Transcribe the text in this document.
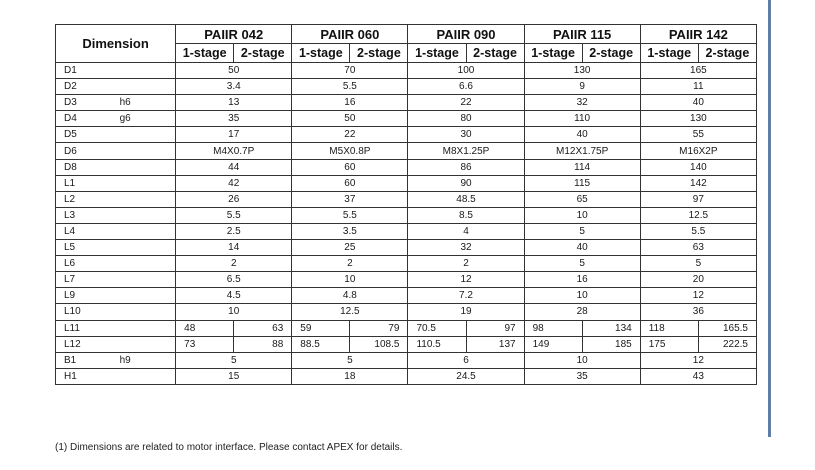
Dimension		PAIIR 042		PAIIR 060		PAIIR 090		PAIIR 115		PAIIR 142	
		1-stage	2-stage	1-stage	2-stage	1-stage	2-stage	1-stage	2-stage	1-stage	2-stage
D1		50		70		100		130		165	
D2		3.4		5.5		6.6		9		11	
D3	h6	13		16		22		32		40	
D4	g6	35		50		80		110		130	
D5		17		22		30		40		55	
D6		M4X0.7P		M5X0.8P		M8X1.25P		M12X1.75P		M16X2P	
D8		44		60		86		114		140	
L1		42		60		90		115		142	
L2		26		37		48.5		65		97	
L3		5.5		5.5		8.5		10		12.5	
L4		2.5		3.5		4		5		5.5	
L5		14		25		32		40		63	
L6		2		2		2		5		5	
L7		6.5		10		12		16		20	
L9		4.5		4.8		7.2		10		12	
L10		10		12.5		19		28		36	
L11		48	63	59	79	70.5	97	98	134	118	165.5
L12		73	88	88.5	108.5	110.5	137	149	185	175	222.5
B1	h9	5		5		6		10		12	
H1		15		18		24.5		35		43	
(1) Dimensions are related to motor interface. Please contact APEX for details.
